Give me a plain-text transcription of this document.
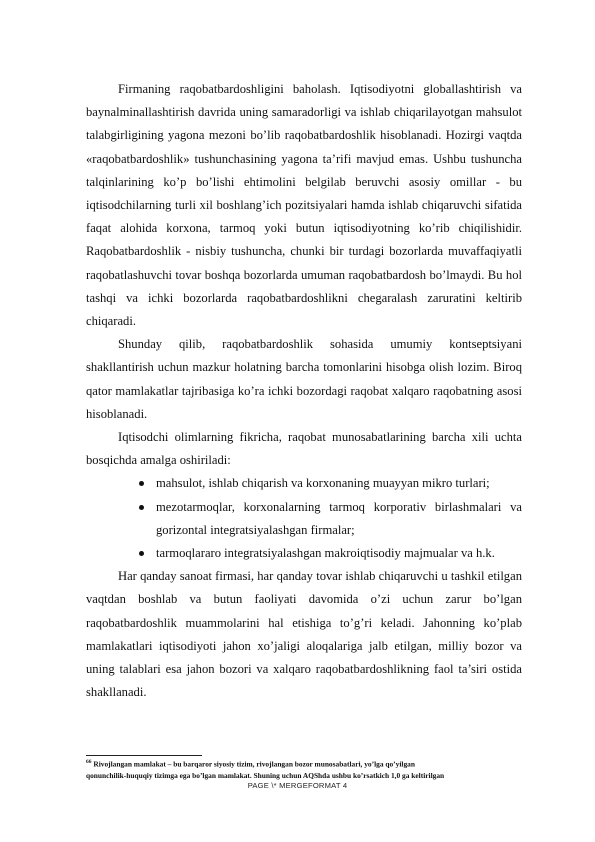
Firmaning raqobatbardoshligini baholash. Iqtisodiyotni globallashtirish va baynalminallashtirish davrida uning samaradorligi va ishlab chiqarilayotgan mahsulot talabgirligining yagona mezoni bo’lib raqobatbardoshlik hisoblanadi. Hozirgi vaqtda «raqobatbardoshlik» tushunchasining yagona ta’rifi mavjud emas. Ushbu tushuncha talqinlarining ko’p bo’lishi ehtimolini belgilab beruvchi asosiy omillar - bu iqtisodchilarning turli xil boshlang’ich pozitsiyalari hamda ishlab chiqaruvchi sifatida faqat alohida korxona, tarmoq yoki butun iqtisodiyotning ko’rib chiqilishidir. Raqobatbardoshlik - nisbiy tushuncha, chunki bir turdagi bozorlarda muvaffaqiyatli raqobatlashuvchi tovar boshqa bozorlarda umuman raqobatbardosh bo’lmaydi. Bu hol tashqi va ichki bozorlarda raqobatbardoshlikni chegaralash zaruratini keltirib chiqaradi.

Shunday qilib, raqobatbardoshlik sohasida umumiy kontseptsiyani shakllantirish uchun mazkur holatning barcha tomonlarini hisobga olish lozim. Biroq qator mamlakatlar tajribasiga ko’ra ichki bozordagi raqobat xalqaro raqobatning asosi hisoblanadi.

Iqtisodchi olimlarning fikricha, raqobat munosabatlarining barcha xili uchta bosqichda amalga oshiriladi:

mahsulot, ishlab chiqarish va korxonaning muayyan mikro turlari;
mezotarmoqlar, korxonalarning tarmoq korporativ birlashmalari va gorizontal integratsiyalashgan firmalar;
tarmoqlararo integratsiyalashgan makroiqtisodiy majmualar va h.k.

Har qanday sanoat firmasi, har qanday tovar ishlab chiqaruvchi u tashkil etilgan vaqtdan boshlab va butun faoliyati davomida o’zi uchun zarur bo’lgan raqobatbardoshlik muammolarini hal etishiga to’g’ri keladi. Jahonning ko’plab mamlakatlari iqtisodiyoti jahon xo’jaligi aloqalariga jalb etilgan, milliy bozor va uning talablari esa jahon bozori va xalqaro raqobatbardoshlikning faol ta’siri ostida shakllanadi.

$^{66}$ Rivojlangan mamlakat – bu barqaror siyosiy tizim, rivojlangan bozor munosabatlari, yo’lga qo’yilgan
qonunchilik-huquqiy tizimga ega bo’lgan mamlakat. Shuning uchun AQShda ushbu ko’rsatkich 1,0 ga keltirilgan
PAGE \* MERGEFORMAT 4
